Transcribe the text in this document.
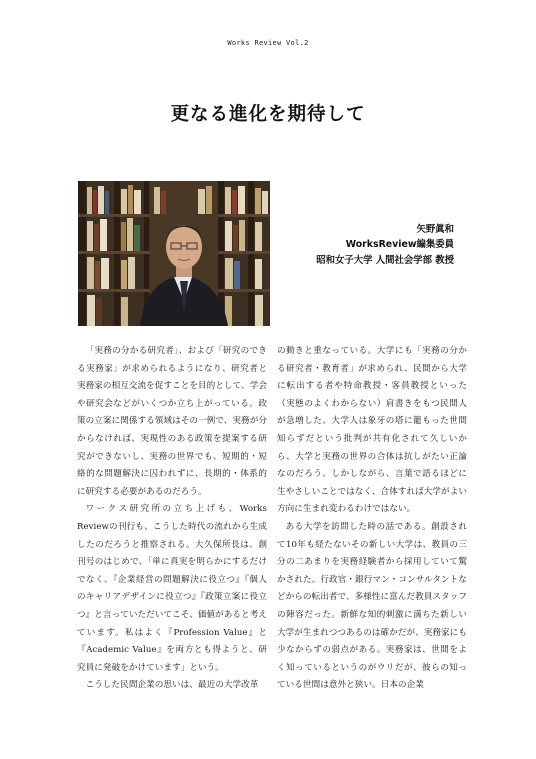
Works Review Vol.2
更なる進化を期待して
矢野眞和
WorksReview編集委員
昭和女子大学 人間社会学部 教授

「実務の分かる研究者」、および「研究のできる実務家」が求められるようになり、研究者と実務家の相互交流を促すことを目的として、学会や研究会などがいくつか立ち上がっている。政策の立案に関係する領域はその一例で、実務が分からなければ、実現性のある政策を提案する研究ができないし、実務の世界でも、短期的・短絡的な問題解決に囚われずに、長期的・体系的に研究する必要があるのだろう。

ワークス研究所の立ち上げも、Works Reviewの刊行も、こうした時代の流れから生成したのだろうと推察される。大久保所長は、創刊号のはじめで、「単に真実を明らかにするだけでなく、『企業経営の問題解決に役立つ』『個人のキャリアデザインに役立つ』『政策立案に役立つ』と言っていただいてこそ、価値があると考えています。私はよく『Profession Value』と『Academic Value』を両方とも得ようと、研究員に発破をかけています」という。

こうした民間企業の思いは、最近の大学改革

の動きと重なっている。大学にも「実務の分かる研究者・教育者」が求められ、民間から大学に転出する者や特命教授・客員教授といった（実態のよくわからない）肩書きをもつ民間人が急増した。大学人は象牙の塔に籠もった世間知らずだという批判が共有化されて久しいから、大学と実務の世界の合体は抗しがたい正論なのだろう。しかしながら、言葉で語るほどに生やさしいことではなく、合体すれば大学がよい方向に生まれ変わるわけではない。

ある大学を訪問した時の話である。創設されて10年も経たないその新しい大学は、教員の三分の二あまりを実務経験者から採用していて驚かされた。行政官・銀行マン・コンサルタントなどからの転出者で、多様性に富んだ教員スタッフの陣容だった。新鮮な知的刺激に満ちた新しい大学が生まれつつあるのは確かだが、実務家にも少なからずの弱点がある。実務家は、世間をよく知っているというのがウリだが、彼らの知っている世間は意外と狭い。日本の企業
